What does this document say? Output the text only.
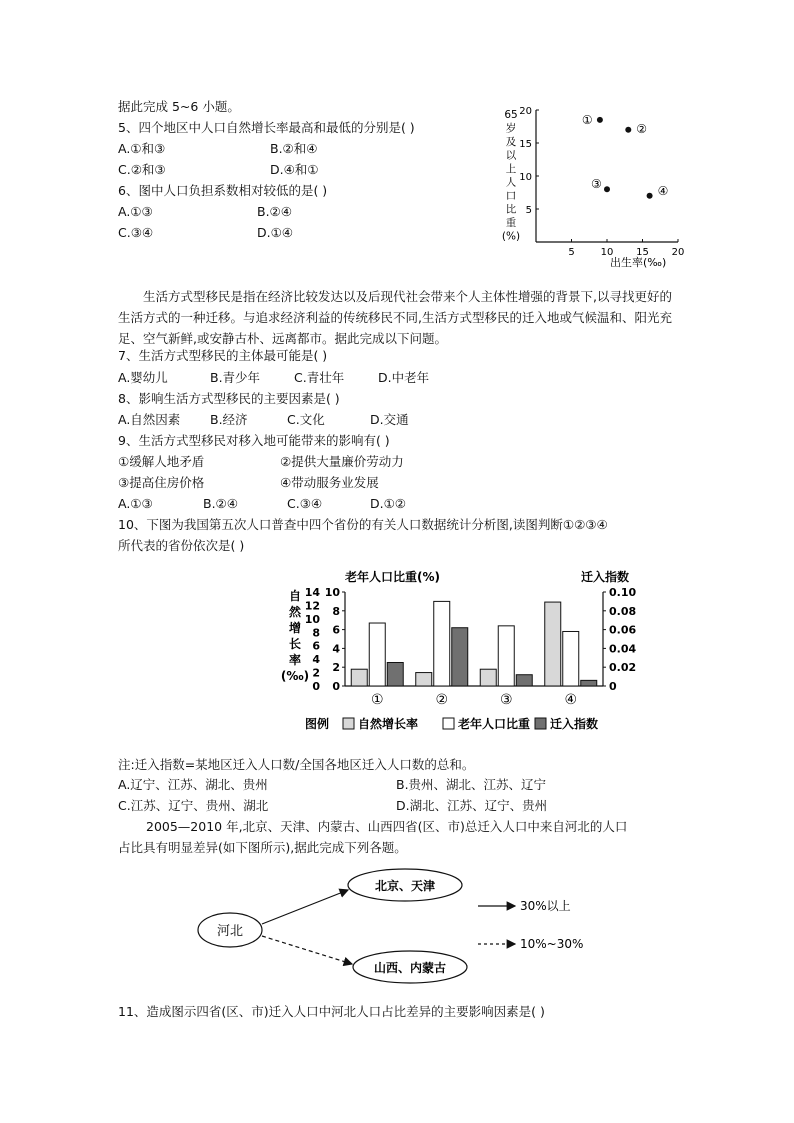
据此完成 5~6 小题。
5、四个地区中人口自然增长率最高和最低的分别是( )
A.①和③	B.②和④
C.②和③	D.④和①
6、图中人口负担系数相对较低的是( )
A.①③	B.②④
C.③④	D.①④
65
岁
及
以
上
人
口
比
重
(%)
5	10 15 20
5
10
15
20
①
②
③	④
出生率(‰)
生活方式型移民是指在经济比较发达以及后现代社会带来个人主体性增强的背景下,以寻找更好的生活方式的一种迁移。与追求经济利益的传统移民不同,生活方式型移民的迁入地或气候温和、阳光充足、空气新鲜,或安静古朴、远离都市。据此完成以下问题。
7、生活方式型移民的主体最可能是( )
A.婴幼儿	B.青少年	C.青壮年	D.中老年
8、影响生活方式型移民的主要因素是( )
A.自然因素 B.经济	C.文化	D.交通
9、生活方式型移民对移入地可能带来的影响有( )
①缓解人地矛盾	②提供大量廉价劳动力
③提高住房价格	④带动服务业发展
A.①③	B.②④	C.③④	D.①②
10、下图为我国第五次人口普查中四个省份的有关人口数据统计分析图,读图判断①②③④
所代表的省份依次是( )
老年人口比重(%)	迁入指数
自
然
增
长
率
(‰)
0
2
4
6
8
10
12
14
0
2
4
6
8
10
0
0.02
0.04
0.06
0.08
0.10
①	②	③	④
图例 自然增长率	老年人口比重 迁入指数
注:迁入指数=某地区迁入人口数/全国各地区迁入人口数的总和。
A.辽宁、江苏、湖北、贵州	B.贵州、湖北、江苏、辽宁
C.江苏、辽宁、贵州、湖北	D.湖北、江苏、辽宁、贵州
2005—2010 年,北京、天津、内蒙古、山西四省(区、市)总迁入人口中来自河北的人口
占比具有明显差异(如下图所示),据此完成下列各题。
河北
北京、天津
山西、内蒙古
30%以上
10%~30%
11、造成图示四省(区、市)迁入人口中河北人口占比差异的主要影响因素是( )
